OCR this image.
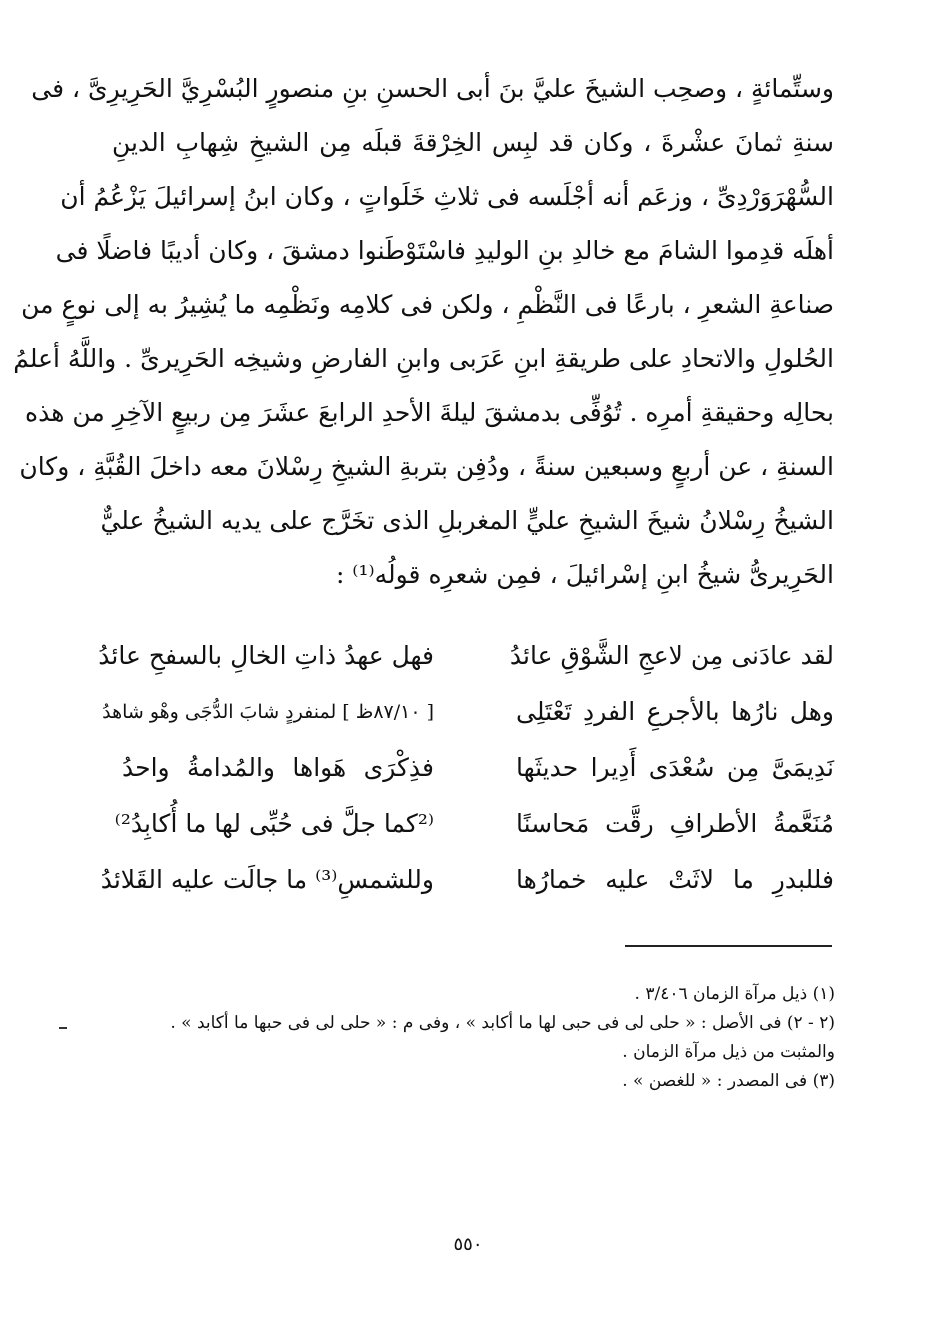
وستِّمائةٍ ، وصحِب الشيخَ عليَّ بنَ أبى الحسنِ بنِ منصورٍ البُسْرِيَّ الحَرِيرِىَّ ، فى
سنةِ ثمانَ عشْرةَ ، وكان قد لبِس الخِرْقةَ قبلَه مِن الشيخِ شِهابِ الدينِ
السُّهْرَوَرْدِىِّ ، وزعَم أنه أجْلَسه فى ثلاثِ خَلَواتٍ ، وكان ابنُ إسرائيلَ يَزْعُمُ أن
أهلَه قدِموا الشامَ مع خالدِ بنِ الوليدِ فاسْتَوْطَنوا دمشقَ ، وكان أديبًا فاضلًا فى
صناعةِ الشعرِ ، بارعًا فى النَّظْمِ ، ولكن فى كلامِه ونَظْمِه ما يُشِيرُ به إلى نوعٍ من
الحُلولِ والاتحادِ على طريقةِ ابنِ عَرَبى وابنِ الفارضِ وشيخِه الحَرِيرىِّ . واللَّهُ أعلمُ
بحالِه وحقيقةِ أمرِه . تُوُفِّى بدمشقَ ليلةَ الأحدِ الرابعَ عشَرَ مِن ربيعٍ الآخِرِ من هذه
السنةِ ، عن أربعٍ وسبعين سنةً ، ودُفِن بتربةِ الشيخِ رِسْلانَ معه داخلَ القُبَّةِ ، وكان
الشيخُ رِسْلانُ شيخَ الشيخِ عليٍّ المغربلِ الذى تخَرَّج على يديه الشيخُ عليٌّ
الحَرِيرىُّ شيخُ ابنِ إسْرائيلَ ، فمِن شعرِه قولُه⁽¹⁾ :
لقد عادَنى مِن لاعجِ الشَّوْقِ عائدُ
فهل عهدُ ذاتِ الخالِ بالسفحِ عائدُ
وهل نارُها بالأجرعِ الفردِ تَعْتَلِى
[ ٨٧/١٠ظ ] لمنفردٍ شابَ الدُّجَى وهْو شاهدُ
نَدِيمَىَّ مِن سُعْدَى أَدِيرا حديثَها
فذِكْرَى هَواها والمُدامةُ واحدُ
مُنَعَّمةُ الأطرافِ رقَّت مَحاسنًا
⁽²كما جلَّ فى حُبِّى لها ما أُكابِدُ²⁾
فللبدرِ ما لاثَتْ عليه خمارُها
وللشمسِ⁽³⁾ ما جالَت عليه القَلائدُ
(١) ذيل مرآة الزمان ٣/٤٠٦ .
(٢ - ٢) فى الأصل : « حلى لى فى حبى لها ما أكابد » ، وفى م : « حلى لى فى حبها ما أكابد » .
والمثبت من ذيل مرآة الزمان .
(٣) فى المصدر : « للغصن » .
٥٥٠
